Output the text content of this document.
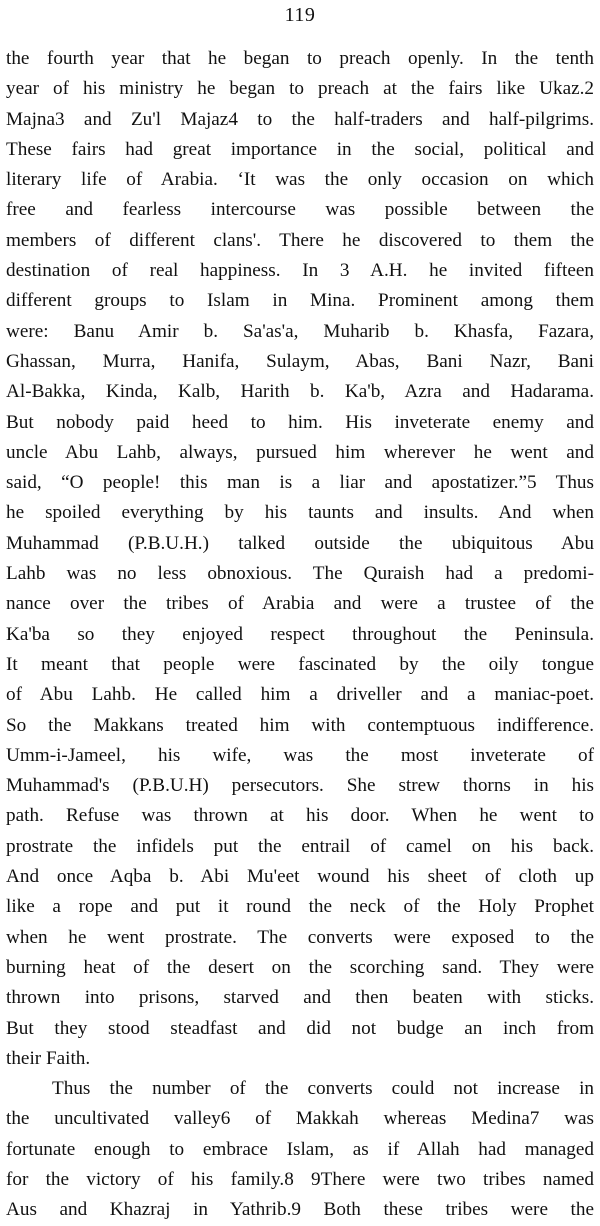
119
the fourth year that he began to preach openly. In the tenth
year of his ministry he began to preach at the fairs like Ukaz.2
Majna3 and Zu'l Majaz4 to the half-traders and half-pilgrims.
These fairs had great importance in the social, political and
literary life of Arabia. ‘It was the only occasion on which
free and fearless intercourse was possible between the
members of different clans'. There he discovered to them the
destination of real happiness. In 3 A.H. he invited fifteen
different groups to Islam in Mina. Prominent among them
were: Banu Amir b. Sa'as'a, Muharib b. Khasfa, Fazara,
Ghassan, Murra, Hanifa, Sulaym, Abas, Bani Nazr, Bani
Al-Bakka, Kinda, Kalb, Harith b. Ka'b, Azra and Hadarama.
But nobody paid heed to him. His inveterate enemy and
uncle Abu Lahb, always, pursued him wherever he went and
said, “O people! this man is a liar and apostatizer.”5 Thus
he spoiled everything by his taunts and insults. And when
Muhammad (P.B.U.H.) talked outside the ubiquitous Abu
Lahb was no less obnoxious. The Quraish had a predomi-
nance over the tribes of Arabia and were a trustee of the
Ka'ba so they enjoyed respect throughout the Peninsula.
It meant that people were fascinated by the oily tongue
of Abu Lahb. He called him a driveller and a maniac-poet.
So the Makkans treated him with contemptuous indifference.
Umm-i-Jameel, his wife, was the most inveterate of
Muhammad's (P.B.U.H) persecutors. She strew thorns in his
path. Refuse was thrown at his door. When he went to
prostrate the infidels put the entrail of camel on his back.
And once Aqba b. Abi Mu'eet wound his sheet of cloth up
like a rope and put it round the neck of the Holy Prophet
when he went prostrate. The converts were exposed to the
burning heat of the desert on the scorching sand. They were
thrown into prisons, starved and then beaten with sticks.
But they stood steadfast and did not budge an inch from
their Faith.
Thus the number of the converts could not increase in
the uncultivated valley6 of Makkah whereas Medina7 was
fortunate enough to embrace Islam, as if Allah had managed
for the victory of his family.8 9There were two tribes named
Aus and Khazraj in Yathrib.9 Both these tribes were the
